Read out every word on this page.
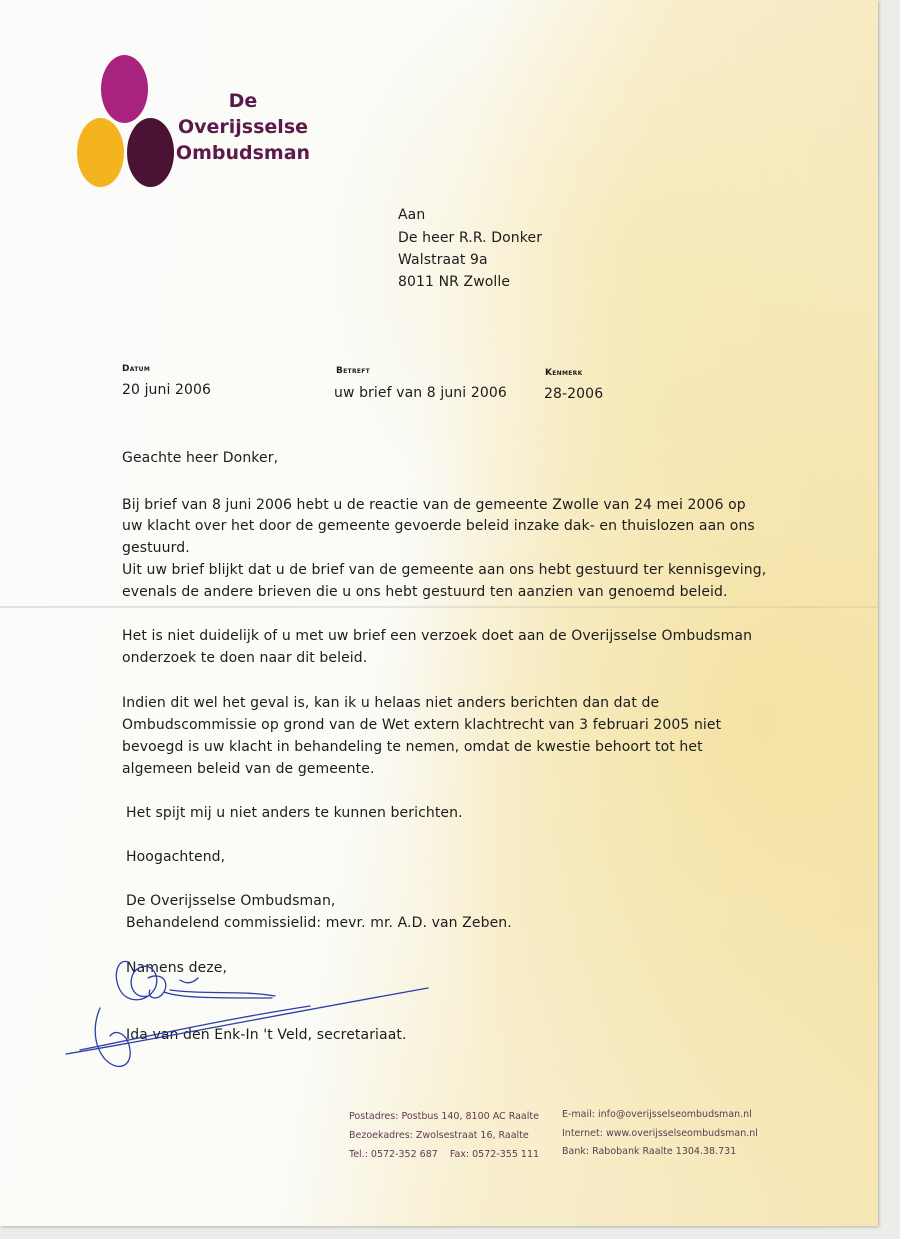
De Overijsselse
Ombudsman
Aan
De heer R.R. Donker
Walstraat 9a
8011 NR Zwolle
Datum
20 juni 2006
Betreft
uw brief van 8 juni 2006
Kenmerk
28-2006
Geachte heer Donker,
Bij brief van 8 juni 2006 hebt u de reactie van de gemeente Zwolle van 24 mei 2006 op
uw klacht over het door de gemeente gevoerde beleid inzake dak- en thuislozen aan ons
gestuurd.
Uit uw brief blijkt dat u de brief van de gemeente aan ons hebt gestuurd ter kennisgeving,
evenals de andere brieven die u ons hebt gestuurd ten aanzien van genoemd beleid.
Het is niet duidelijk of u met uw brief een verzoek doet aan de Overijsselse Ombudsman
onderzoek te doen naar dit beleid.
Indien dit wel het geval is, kan ik u helaas niet anders berichten dan dat de
Ombudscommissie op grond van de Wet extern klachtrecht van 3 februari 2005 niet
bevoegd is uw klacht in behandeling te nemen, omdat de kwestie behoort tot het
algemeen beleid van de gemeente.
Het spijt mij u niet anders te kunnen berichten.
Hoogachtend,
De Overijsselse Ombudsman,
Behandelend commissielid: mevr. mr. A.D. van Zeben.
Namens deze,
Ida van den Enk-In 't Veld, secretariaat.
Postadres: Postbus 140, 8100 AC Raalte
Bezoekadres: Zwolsestraat 16, Raalte
Tel.: 0572-352 687    Fax: 0572-355 111
E-mail: info@overijsselseombudsman.nl
Internet: www.overijsselseombudsman.nl
Bank: Rabobank Raalte 1304.38.731
